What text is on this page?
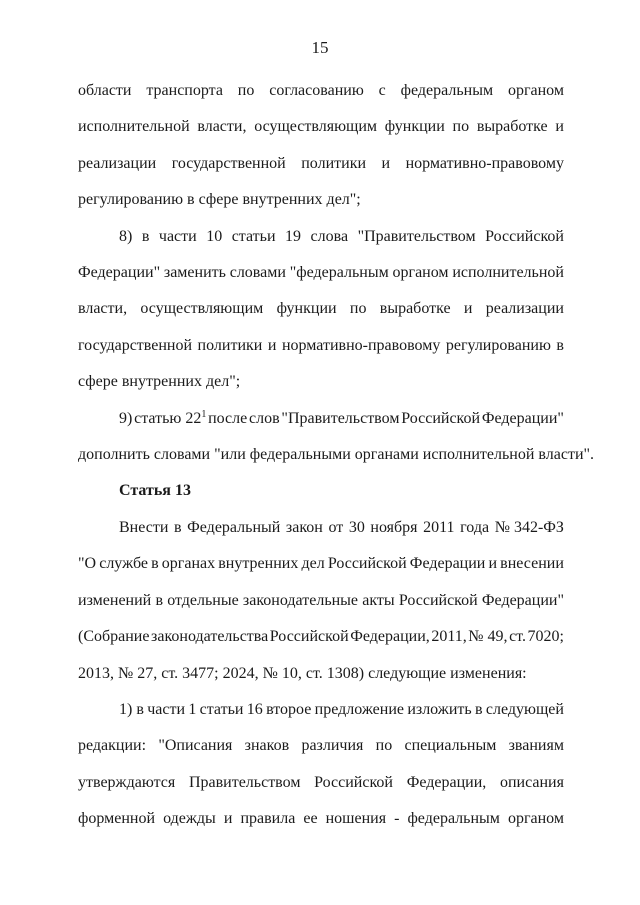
15
области транспорта по согласованию с федеральным органом
исполнительной власти, осуществляющим функции по выработке и
реализации государственной политики и нормативно-правовому
регулированию в сфере внутренних дел";
8) в части 10 статьи 19 слова "Правительством Российской
Федерации" заменить словами "федеральным органом исполнительной
власти, осуществляющим функции по выработке и реализации
государственной политики и нормативно-правовому регулированию в
сфере внутренних дел";
9) статью $22^1$ после слов "Правительством Российской Федерации"
дополнить словами "или федеральными органами исполнительной власти".
Статья 13
Внести в Федеральный закон от 30 ноября 2011 года № 342-ФЗ
"О службе в органах внутренних дел Российской Федерации и внесении
изменений в отдельные законодательные акты Российской Федерации"
(Собрание законодательства Российской Федерации, 2011, № 49, ст. 7020;
2013, № 27, ст. 3477; 2024, № 10, ст. 1308) следующие изменения:
1) в части 1 статьи 16 второе предложение изложить в следующей
редакции: "Описания знаков различия по специальным званиям
утверждаются Правительством Российской Федерации, описания
форменной одежды и правила ее ношения - федеральным органом
